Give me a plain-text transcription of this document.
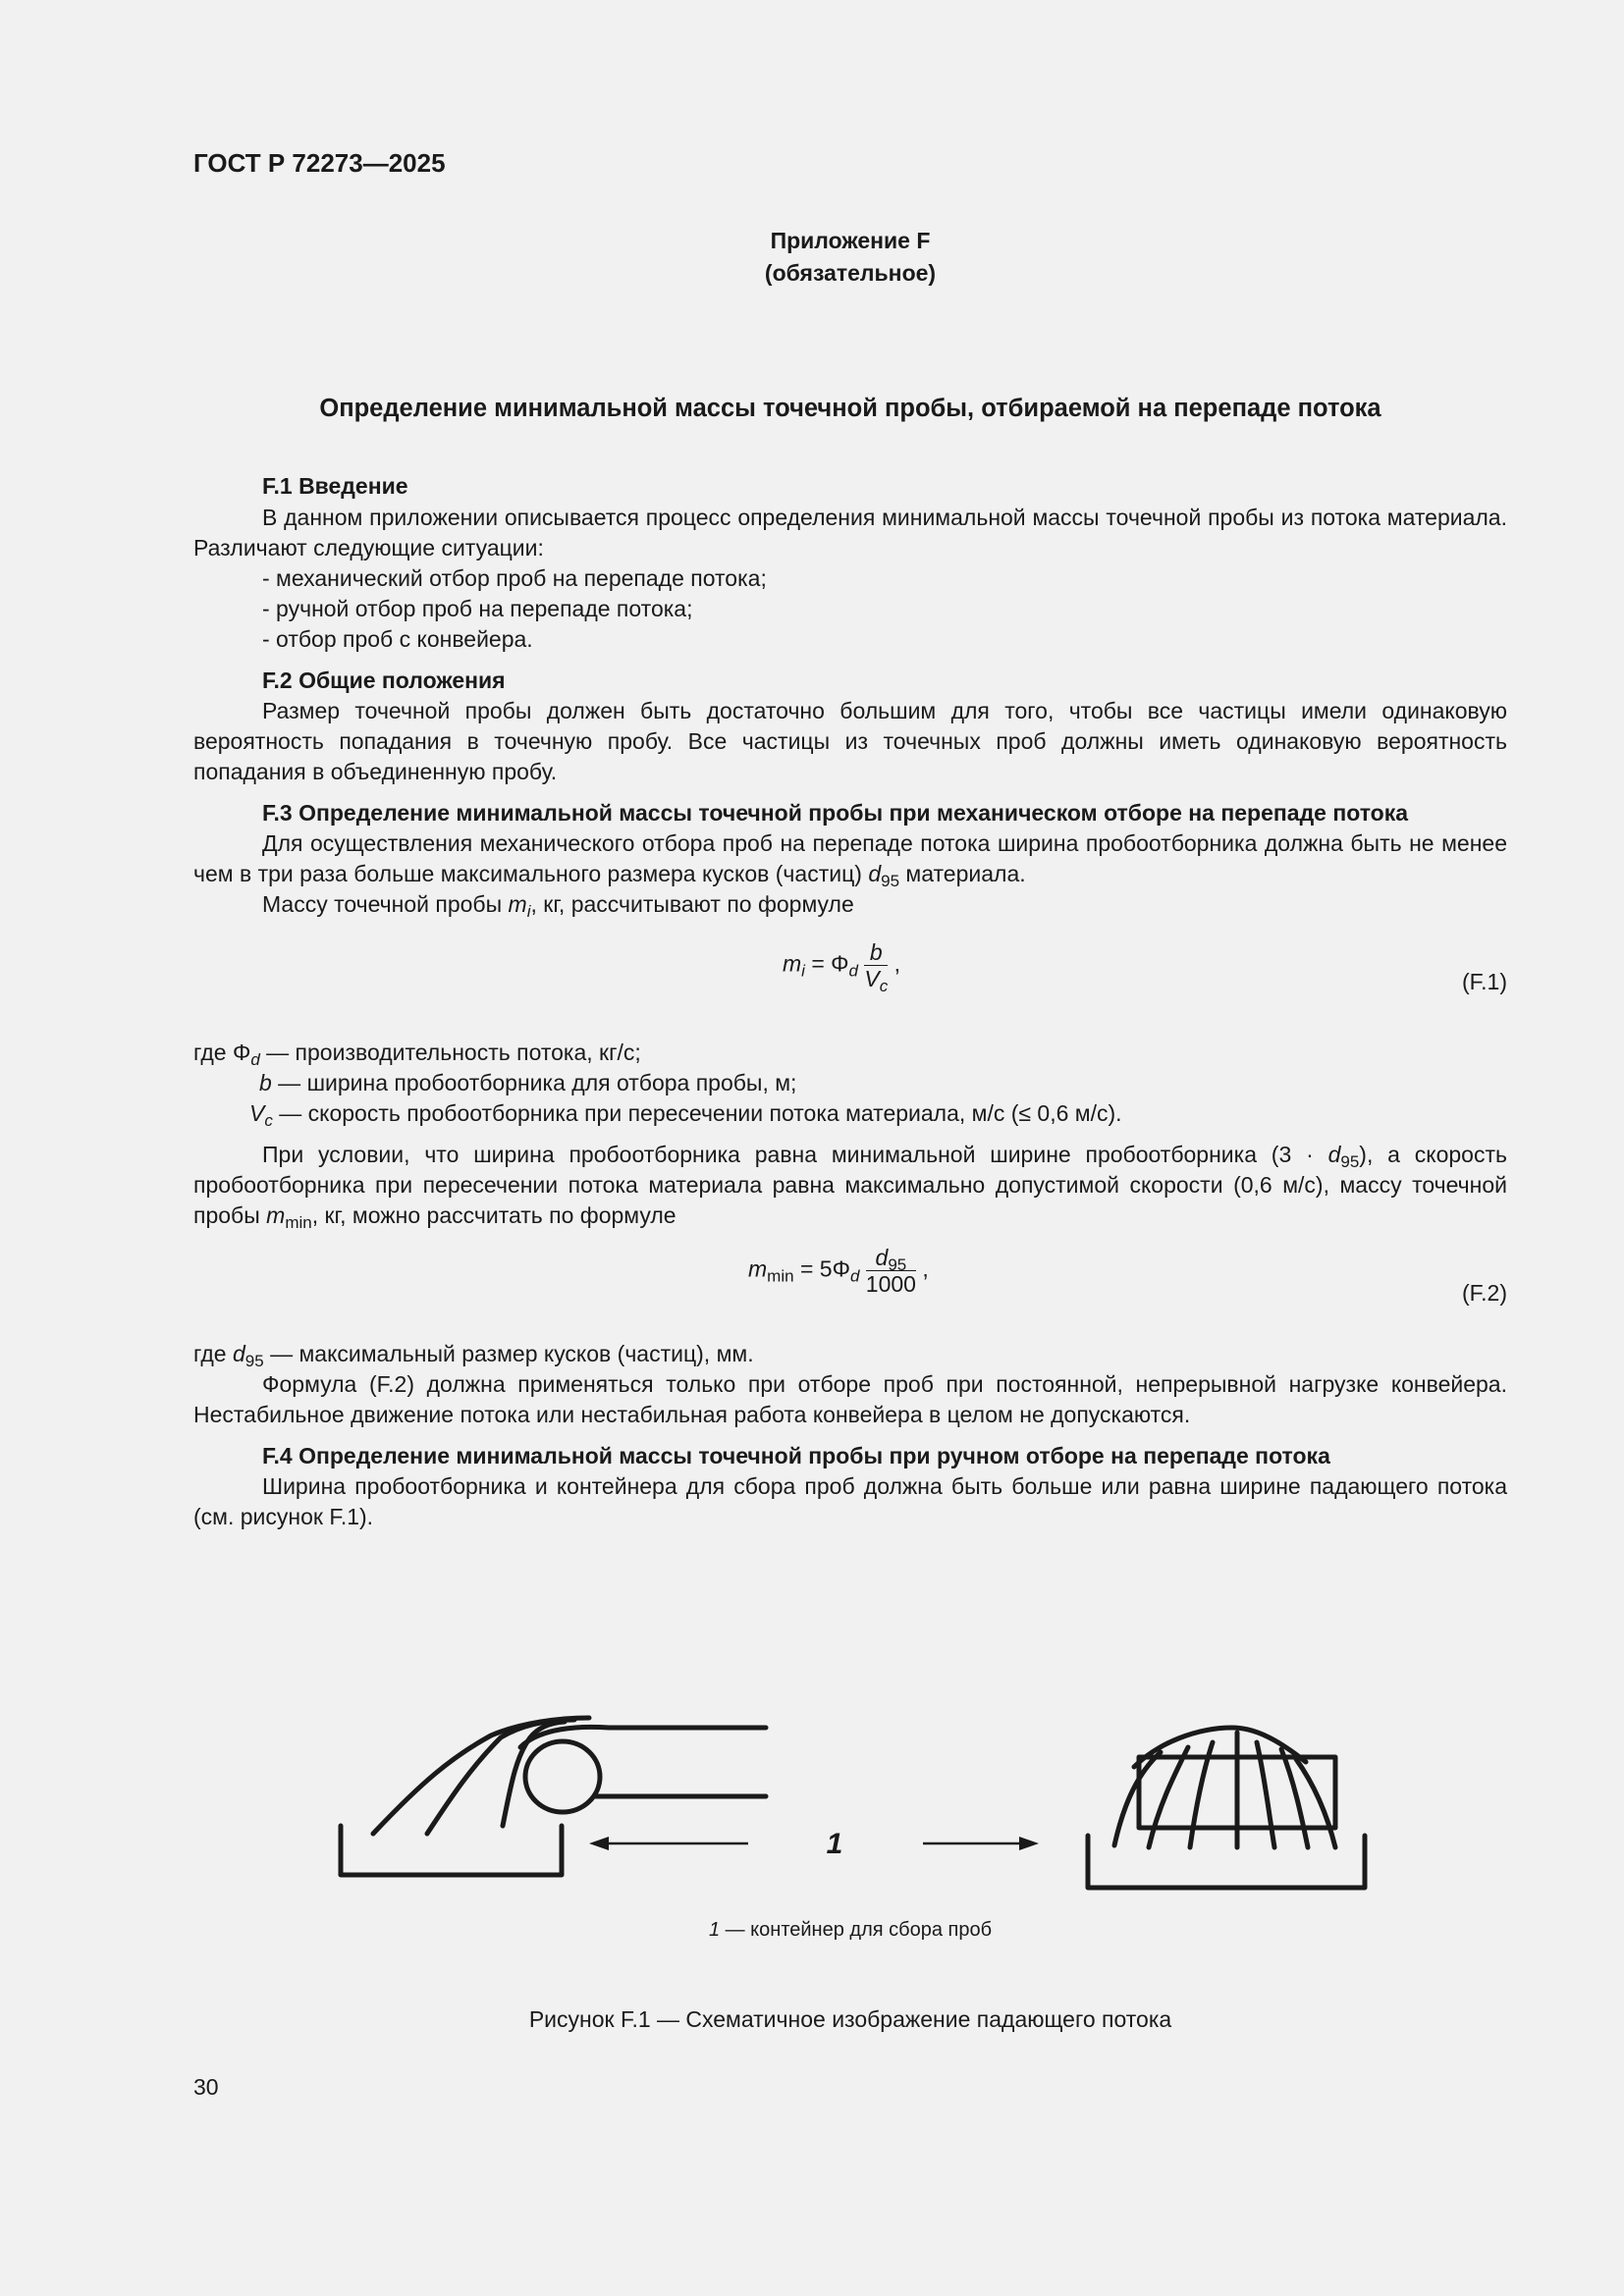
ГОСТ Р 72273—2025
Приложение F
(обязательное)
Определение минимальной массы точечной пробы, отбираемой на перепаде потока
F.1 Введение

В данном приложении описывается процесс определения минимальной массы точечной пробы из потока материала. Различают следующие ситуации:

- механический отбор проб на перепаде потока;
- ручной отбор проб на перепаде потока;
- отбор проб с конвейера.
F.2 Общие положения

Размер точечной пробы должен быть достаточно большим для того, чтобы все частицы имели одинаковую вероятность попадания в точечную пробу. Все частицы из точечных проб должны иметь одинаковую вероятность попадания в объединенную пробу.

F.3 Определение минимальной массы точечной пробы при механическом отборе на перепаде потока

Для осуществления механического отбора проб на перепаде потока ширина пробоотборника должна быть не менее чем в три раза больше максимального размера кусков (частиц) $d_{95}$ материала.

Массу точечной пробы $m_i$, кг, рассчитывают по формуле

$m_i = \Phi_d \frac{b}{V_c}$ ,
(F.1)
где $\Phi_d$ — производительность потока, кг/с;
b — ширина пробоотборника для отбора пробы, м;
$V_c$ — скорость пробоотборника при пересечении потока материала, м/с (≤ 0,6 м/с).

При условии, что ширина пробоотборника равна минимальной ширине пробоотборника $(3 \cdot d_{95})$, а скорость пробоотборника при пересечении потока материала равна максимально допустимой скорости (0,6 м/с), массу точечной пробы $m_{min}$, кг, можно рассчитать по формуле

$m_{min} = 5\Phi_d \frac{d_{95}}{1000}$ ,
(F.2)
где $d_{95}$ — максимальный размер кусков (частиц), мм.

Формула (F.2) должна применяться только при отборе проб при постоянной, непрерывной нагрузке конвейера. Нестабильное движение потока или нестабильная работа конвейера в целом не допускаются.

F.4 Определение минимальной массы точечной пробы при ручном отборе на перепаде потока

Ширина пробоотборника и контейнера для сбора проб должна быть больше или равна ширине падающего потока (см. рисунок F.1).

1
1 — контейнер для сбора проб
Рисунок F.1 — Схематичное изображение падающего потока
30
